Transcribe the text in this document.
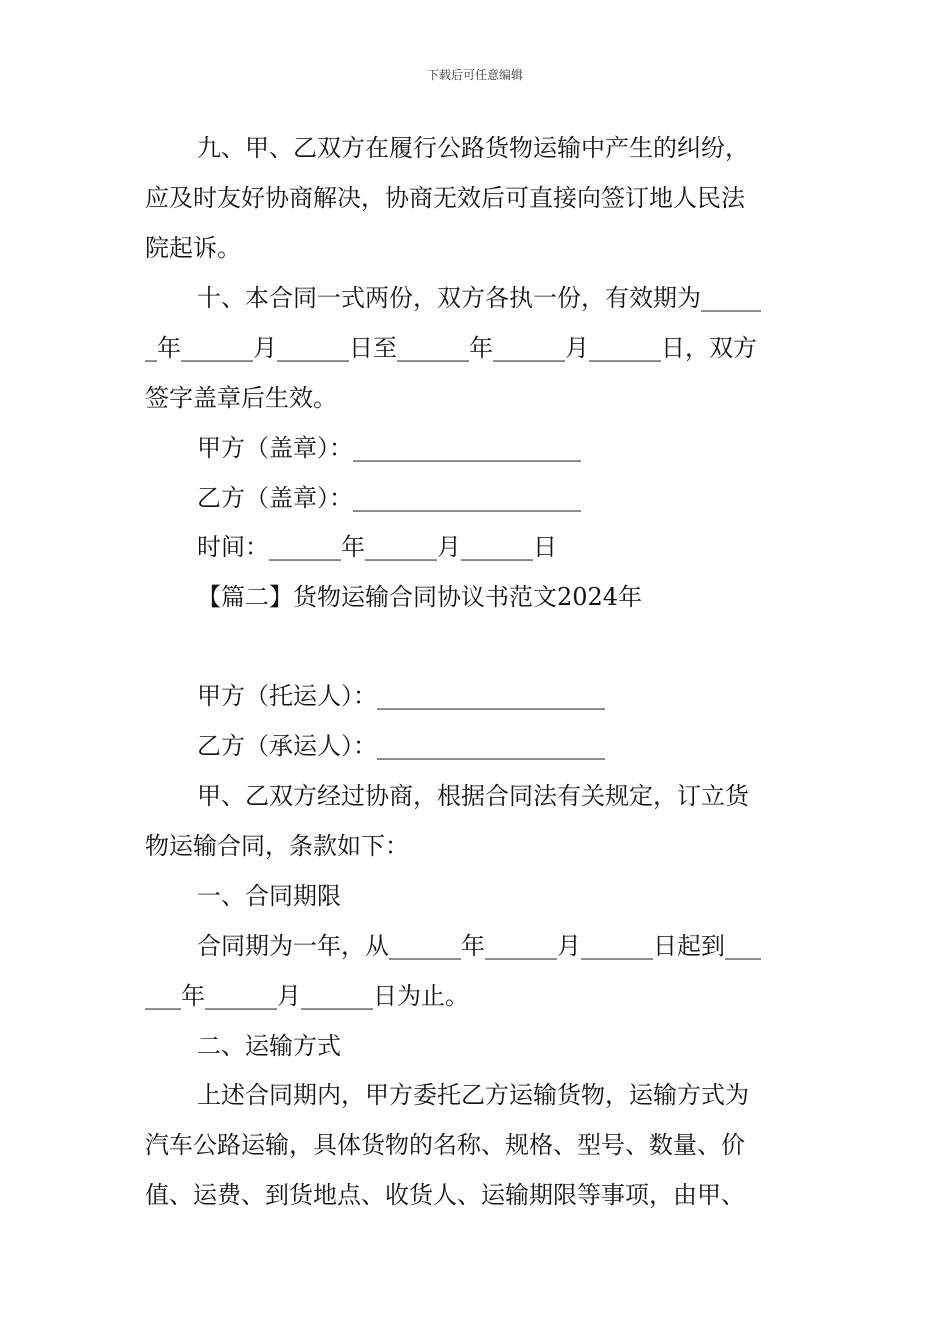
下载后可任意编辑
九、甲、乙双方在履行公路货物运输中产生的纠纷，
应及时友好协商解决，协商无效后可直接向签订地人民法
院起诉。
十、本合同一式两份，双方各执一份，有效期为_____
_年______月______日至______年______月______日，双方
签字盖章后生效。
甲方（盖章）：___________________
乙方（盖章）：___________________
时间：______年______月______日
【篇二】货物运输合同协议书范文2024年
甲方（托运人）：___________________
乙方（承运人）：___________________
甲、乙双方经过协商，根据合同法有关规定，订立货
物运输合同，条款如下：
一、合同期限
合同期为一年，从______年______月______日起到___
___年______月______日为止。
二、运输方式
上述合同期内，甲方委托乙方运输货物，运输方式为
汽车公路运输，具体货物的名称、规格、型号、数量、价
值、运费、到货地点、收货人、运输期限等事项，由甲、
